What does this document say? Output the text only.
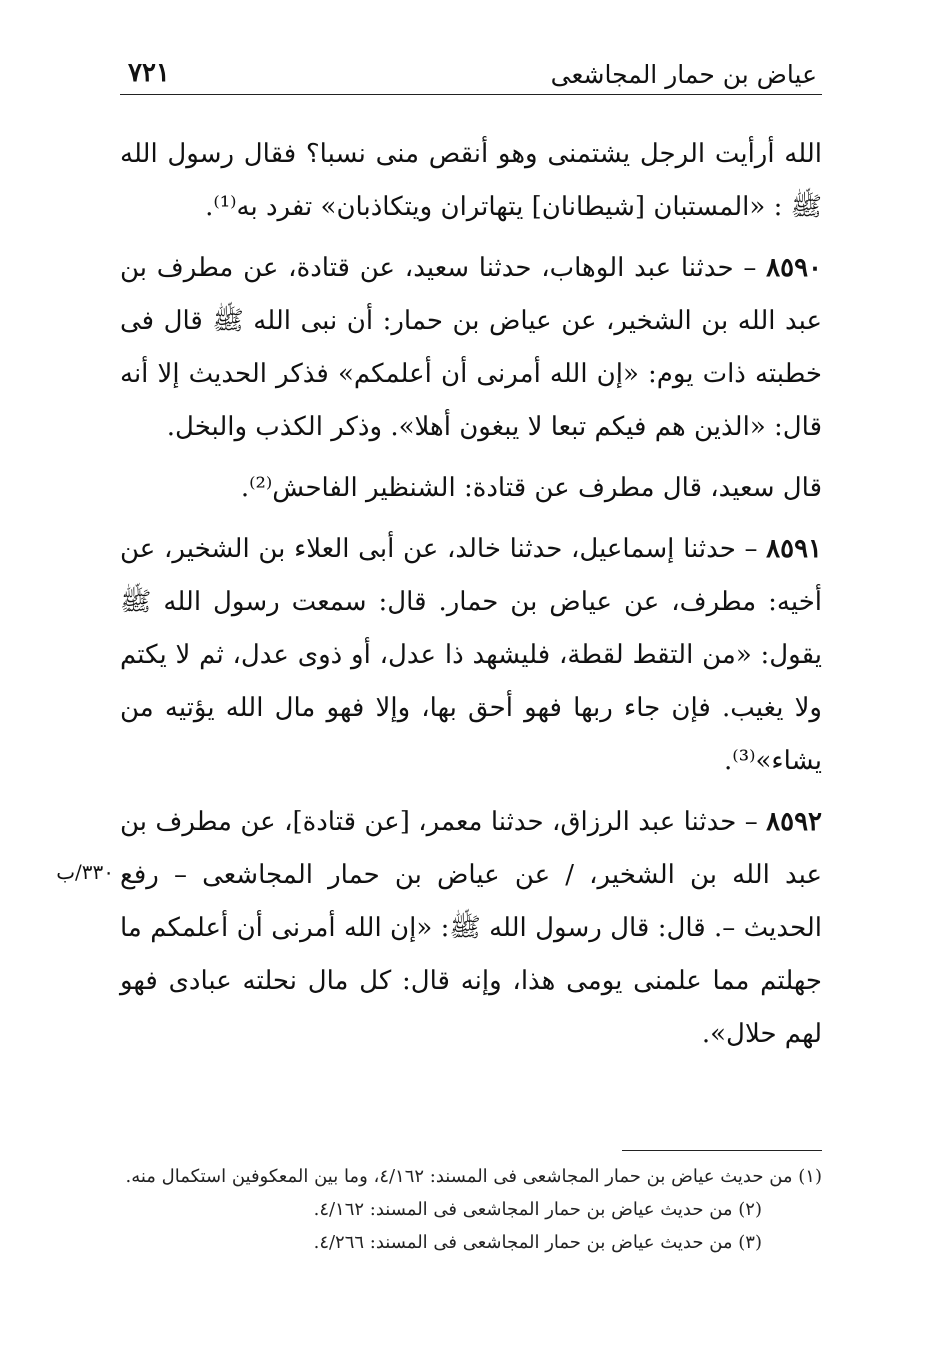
عياض بن حمار المجاشعى
٧٢١

الله أرأيت الرجل يشتمنى وهو أنقص منى نسبا؟ فقال رسول الله ﷺ : «المستبان [شيطانان] يتهاتران ويتكاذبان» تفرد به⁽¹⁾.

٨٥٩٠ – حدثنا عبد الوهاب، حدثنا سعيد، عن قتادة، عن مطرف بن عبد الله بن الشخير، عن عياض بن حمار: أن نبى الله ﷺ قال فى خطبته ذات يوم: «إن الله أمرنى أن أعلمكم» فذكر الحديث إلا أنه قال: «الذين هم فيكم تبعا لا يبغون أهلا». وذكر الكذب والبخل.

قال سعيد، قال مطرف عن قتادة: الشنظير الفاحش⁽²⁾.

٨٥٩١ – حدثنا إسماعيل، حدثنا خالد، عن أبى العلاء بن الشخير، عن أخيه: مطرف، عن عياض بن حمار. قال: سمعت رسول الله ﷺ يقول: «من التقط لقطة، فليشهد ذا عدل، أو ذوى عدل، ثم لا يكتم ولا يغيب. فإن جاء ربها فهو أحق بها، وإلا فهو مال الله يؤتيه من يشاء»⁽³⁾.

٨٥٩٢ – حدثنا عبد الرزاق، حدثنا معمر، [عن قتادة]، عن مطرف بن عبد الله بن الشخير، / عن عياض بن حمار المجاشعى – رفع الحديث –. قال: قال رسول الله ﷺ: «إن الله أمرنى أن أعلمكم ما جهلتم مما علمنى يومى هذا، وإنه قال: كل مال نحلته عبادى فهو لهم حلال».

٣٣٠/ب

(١) من حديث عياض بن حمار المجاشعى فى المسند: ٤/١٦٢، وما بين المعكوفين استكمال منه.

(٢) من حديث عياض بن حمار المجاشعى فى المسند: ٤/١٦٢.

(٣) من حديث عياض بن حمار المجاشعى فى المسند: ٤/٢٦٦.
